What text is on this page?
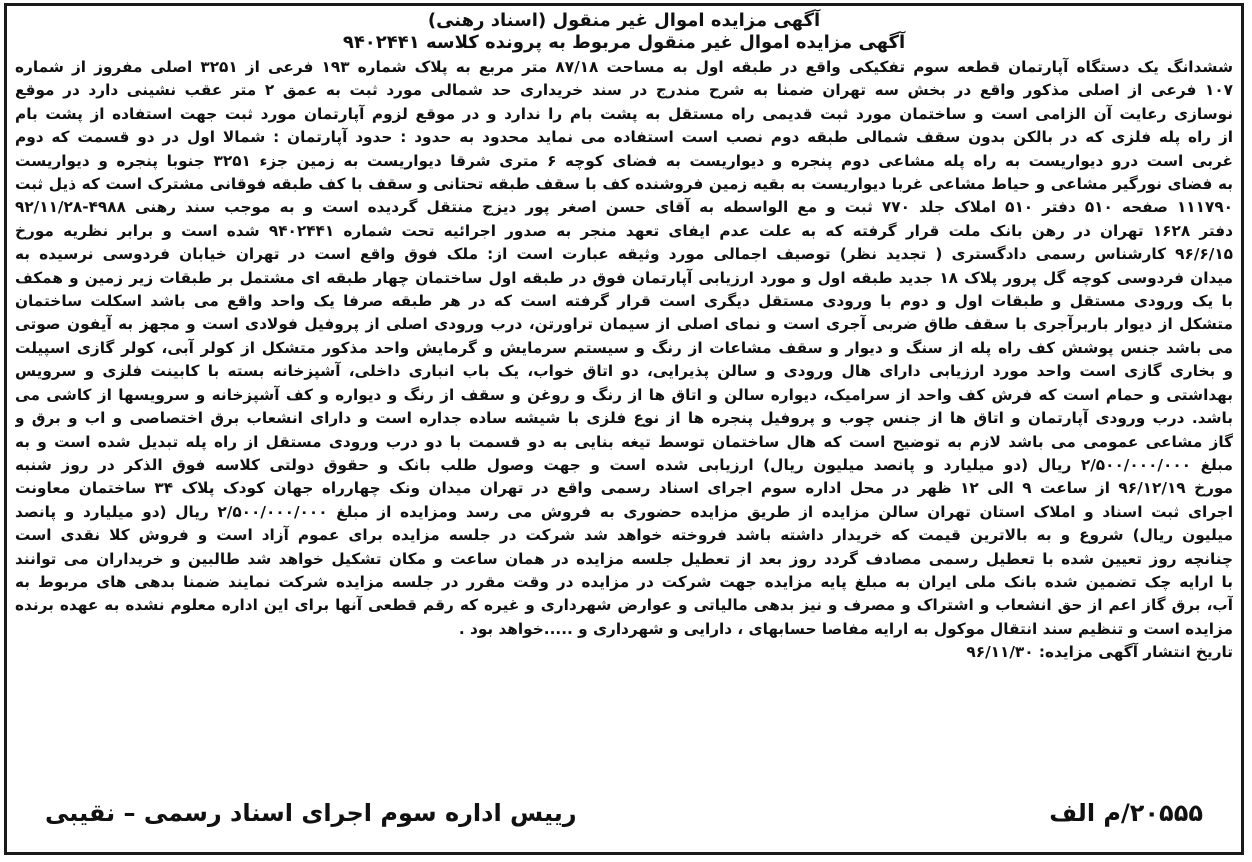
آگهی مزایده اموال غیر منقول (اسناد رهنی)
آگهی مزایده اموال غیر منقول مربوط به پرونده کلاسه ۹۴۰۲۴۴۱
ششدانگ یک دستگاه آپارتمان قطعه سوم تفکیکی واقع در طبقه اول به مساحت ۸۷/۱۸ متر مربع به پلاک شماره ۱۹۳ فرعی از ۳۲۵۱ اصلی مفروز از شماره
۱۰۷ فرعی از اصلی مذکور واقع در بخش سه تهران ضمنا به شرح مندرج در سند خریداری حد شمالی مورد ثبت به عمق ۲ متر عقب نشینی دارد در موقع
نوسازی رعایت آن الزامی است و ساختمان مورد ثبت قدیمی راه مستقل به پشت بام را ندارد و در موقع لزوم آپارتمان مورد ثبت جهت استفاده از پشت بام
از راه پله فلزی که در بالکن بدون سقف شمالی طبقه دوم نصب است استفاده می نماید محدود به حدود : حدود آپارتمان : شمالا اول در دو قسمت که دوم
غربی است درو دیواریست به راه پله مشاعی دوم پنجره و دیواریست به فضای کوچه ۶ متری شرقا دیواریست به زمین جزء ۳۲۵۱ جنوبا پنجره و دیواریست
به فضای نورگیر مشاعی و حیاط مشاعی غربا دیواریست به بقیه زمین فروشنده کف با سقف طبقه تحتانی و سقف با کف طبقه فوقانی مشترک است که ذیل ثبت
۱۱۱۷۹۰ صفحه ۵۱۰ دفتر ۵۱۰ املاک جلد ۷۷۰ ثبت و مع الواسطه به آقای حسن اصغر پور دیزج منتقل گردیده است و به موجب سند رهنی ۴۹۸۸-۹۲/۱۱/۲۸
دفتر ۱۶۲۸ تهران در رهن بانک ملت قرار گرفته که به علت عدم ایفای تعهد منجر به صدور اجرائیه تحت شماره ۹۴۰۲۴۴۱ شده است و برابر نظریه مورخ
۹۶/۶/۱۵ کارشناس رسمی دادگستری ( تجدید نظر) توصیف اجمالی مورد وثیقه عبارت است از: ملک فوق واقع است در تهران خیابان فردوسی نرسیده به
میدان فردوسی کوچه گل پرور پلاک ۱۸ جدید طبقه اول و مورد ارزیابی آپارتمان فوق در طبقه اول ساختمان چهار طبقه ای مشتمل بر طبقات زیر زمین و همکف
با یک ورودی مستقل و طبقات اول و دوم با ورودی مستقل دیگری است قرار گرفته است که در هر طبقه صرفا یک واحد واقع می باشد اسکلت ساختمان
متشکل از دیوار باربرآجری با سقف طاق ضربی آجری است و نمای اصلی از سیمان تراورتن، درب ورودی اصلی از پروفیل فولادی است و مجهز به آیفون صوتی
می باشد جنس پوشش کف راه پله از سنگ و دیوار و سقف مشاعات از رنگ و سیستم سرمایش و گرمایش واحد مذکور متشکل از کولر آبی، کولر گازی اسپیلت
و بخاری گازی است واحد مورد ارزیابی دارای هال ورودی و سالن پذیرایی، دو اتاق خواب، یک باب انباری داخلی، آشپزخانه بسته با کابینت فلزی و سرویس
بهداشتی و حمام است که فرش کف واحد از سرامیک، دیواره سالن و اتاق ها از رنگ و روغن و سقف از رنگ و دیواره و کف آشپزخانه و سرویسها از کاشی می
باشد. درب ورودی آپارتمان و اتاق ها از جنس چوب و پروفیل پنجره ها از نوع فلزی با شیشه ساده جداره است و دارای انشعاب برق اختصاصی و اب و برق و
گاز مشاعی عمومی می باشد لازم به توضیح است که هال ساختمان توسط تیغه بنایی به دو قسمت با دو درب ورودی مستقل از راه پله تبدیل شده است و به
مبلغ ۲/۵۰۰/۰۰۰/۰۰۰ ریال (دو میلیارد و پانصد میلیون ریال) ارزیابی شده است و جهت وصول طلب بانک و حقوق دولتی کلاسه فوق الذکر در روز شنبه
مورخ ۹۶/۱۲/۱۹ از ساعت ۹ الی ۱۲ ظهر در محل اداره سوم اجرای اسناد رسمی واقع در تهران میدان ونک چهارراه جهان کودک پلاک ۳۴ ساختمان معاونت
اجرای ثبت اسناد و املاک استان تهران سالن مزایده از طریق مزایده حضوری به فروش می رسد ومزایده از مبلغ ۲/۵۰۰/۰۰۰/۰۰۰ ریال (دو میلیارد و پانصد
میلیون ریال) شروع و به بالاترین قیمت که خریدار داشته باشد فروخته خواهد شد شرکت در جلسه مزایده برای عموم آزاد است و فروش کلا نقدی است
چنانچه روز تعیین شده با تعطیل رسمی مصادف گردد روز بعد از تعطیل جلسه مزایده در همان ساعت و مکان تشکیل خواهد شد طالبین و خریداران می توانند
با ارایه چک تضمین شده بانک ملی ایران به مبلغ پایه مزایده جهت شرکت در مزایده در وقت مقرر در جلسه مزایده شرکت نمایند ضمنا بدهی های مربوط به
آب، برق گاز اعم از حق انشعاب و اشتراک و مصرف و نیز بدهی مالیاتی و عوارض شهرداری و غیره که رقم قطعی آنها برای این اداره معلوم نشده به عهده برنده
مزایده است و تنظیم سند انتقال موکول به ارایه مفاصا حسابهای ، دارایی و شهرداری و .....خواهد بود .
تاریخ انتشار آگهی مزایده: ۹۶/۱۱/۳۰
۲۰۵۵۵/م الف
رییس اداره سوم اجرای اسناد رسمی – نقیبی
